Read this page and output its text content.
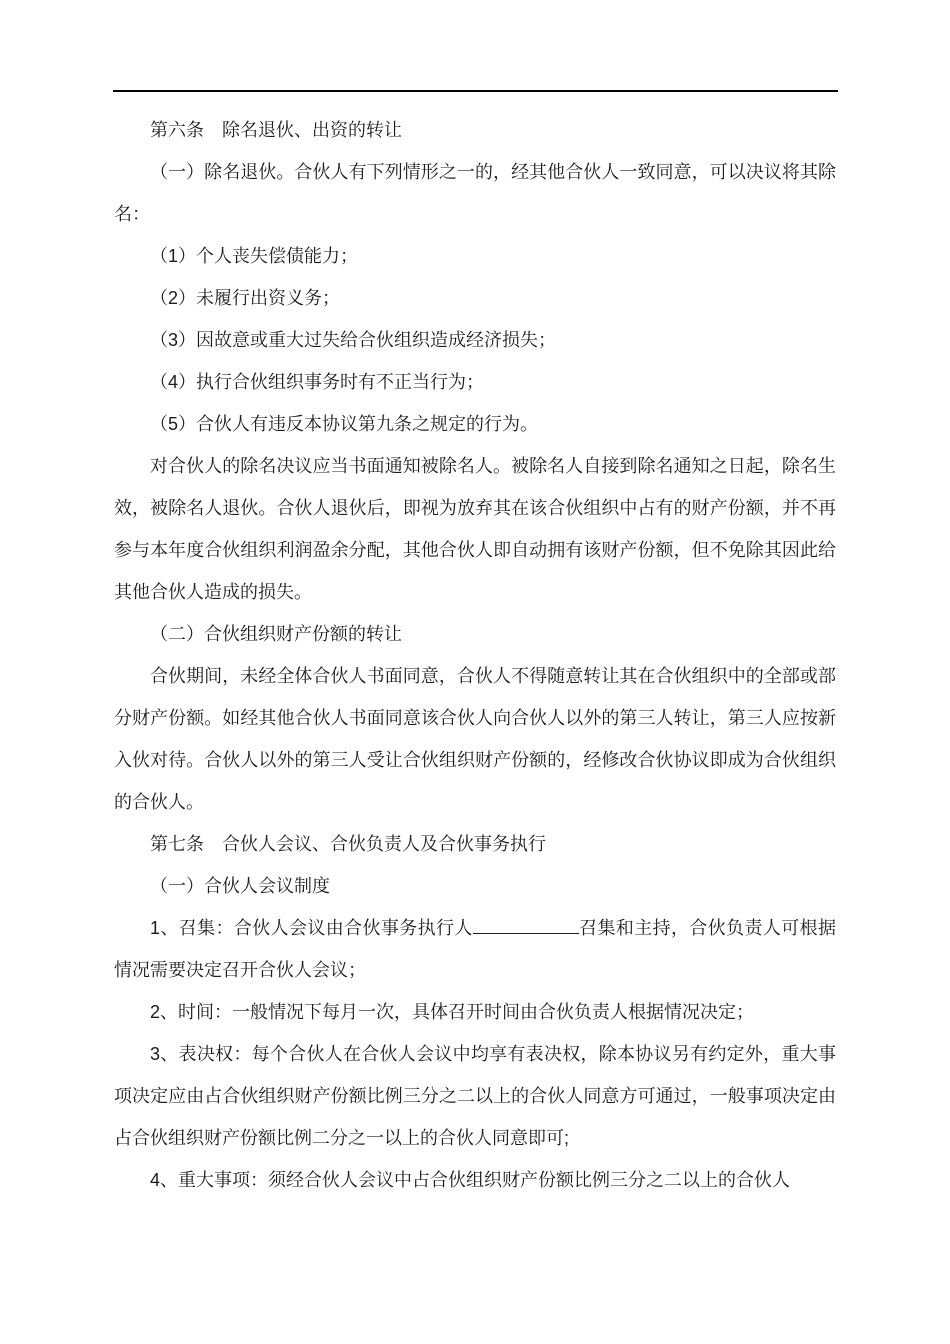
第六条　除名退伙、出资的转让

（一）除名退伙。合伙人有下列情形之一的，经其他合伙人一致同意，可以决议将其除名：

（1）个人丧失偿债能力；

（2）未履行出资义务；

（3）因故意或重大过失给合伙组织造成经济损失；

（4）执行合伙组织事务时有不正当行为；

（5）合伙人有违反本协议第九条之规定的行为。

对合伙人的除名决议应当书面通知被除名人。被除名人自接到除名通知之日起，除名生效，被除名人退伙。合伙人退伙后，即视为放弃其在该合伙组织中占有的财产份额，并不再参与本年度合伙组织利润盈余分配，其他合伙人即自动拥有该财产份额，但不免除其因此给其他合伙人造成的损失。

（二）合伙组织财产份额的转让

合伙期间，未经全体合伙人书面同意，合伙人不得随意转让其在合伙组织中的全部或部分财产份额。如经其他合伙人书面同意该合伙人向合伙人以外的第三人转让，第三人应按新入伙对待。合伙人以外的第三人受让合伙组织财产份额的，经修改合伙协议即成为合伙组织的合伙人。

第七条　合伙人会议、合伙负责人及合伙事务执行

（一）合伙人会议制度

1、召集：合伙人会议由合伙事务执行人	召集和主持，合伙负责人可根据情况需要决定召开合伙人会议；

2、时间：一般情况下每月一次，具体召开时间由合伙负责人根据情况决定；

3、表决权：每个合伙人在合伙人会议中均享有表决权，除本协议另有约定外，重大事项决定应由占合伙组织财产份额比例三分之二以上的合伙人同意方可通过，一般事项决定由占合伙组织财产份额比例二分之一以上的合伙人同意即可;

4、重大事项：须经合伙人会议中占合伙组织财产份额比例三分之二以上的合伙人
